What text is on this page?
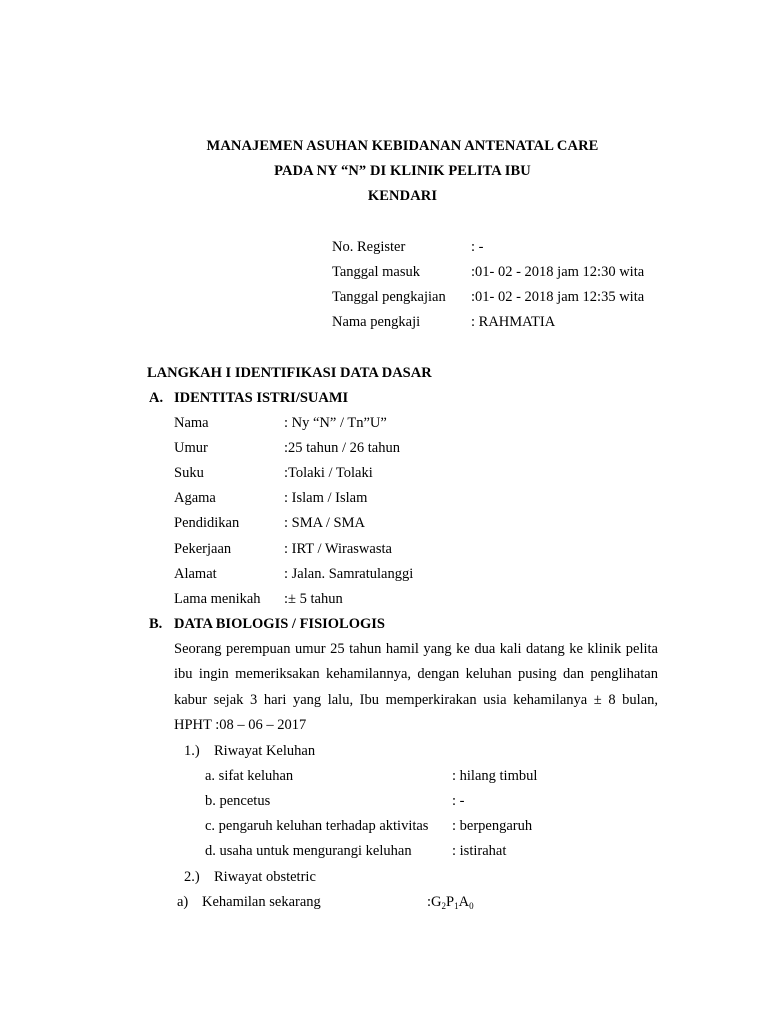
MANAJEMEN ASUHAN KEBIDANAN ANTENATAL CARE
PADA NY “N” DI KLINIK PELITA IBU
KENDARI
No. Register	: -
Tanggal masuk	:01- 02 - 2018 jam 12:30 wita
Tanggal pengkajian :01- 02 - 2018 jam 12:35 wita
Nama pengkaji	: RAHMATIA
LANGKAH I IDENTIFIKASI DATA DASAR
A. IDENTITAS ISTRI/SUAMI
Nama	: Ny “N” / Tn”U”
Umur	:25 tahun / 26 tahun
Suku	:Tolaki / Tolaki
Agama	: Islam / Islam
Pendidikan	: SMA / SMA
Pekerjaan	: IRT / Wiraswasta
Alamat	: Jalan. Samratulanggi
Lama menikah :± 5 tahun
B. DATA BIOLOGIS / FISIOLOGIS
Seorang perempuan umur 25 tahun hamil yang ke dua kali datang ke klinik pelita ibu ingin memeriksakan kehamilannya, dengan keluhan pusing dan penglihatan kabur sejak 3 hari yang lalu, Ibu memperkirakan usia kehamilanya ± 8 bulan, HPHT :08 – 06 – 2017
1.) Riwayat Keluhan
a. sifat keluhan	: hilang timbul
b. pencetus	: -
c. pengaruh keluhan terhadap aktivitas : berpengaruh
d. usaha untuk mengurangi keluhan	: istirahat
2.) Riwayat obstetric
a) Kehamilan sekarang	$:G_2P_1A_0$
